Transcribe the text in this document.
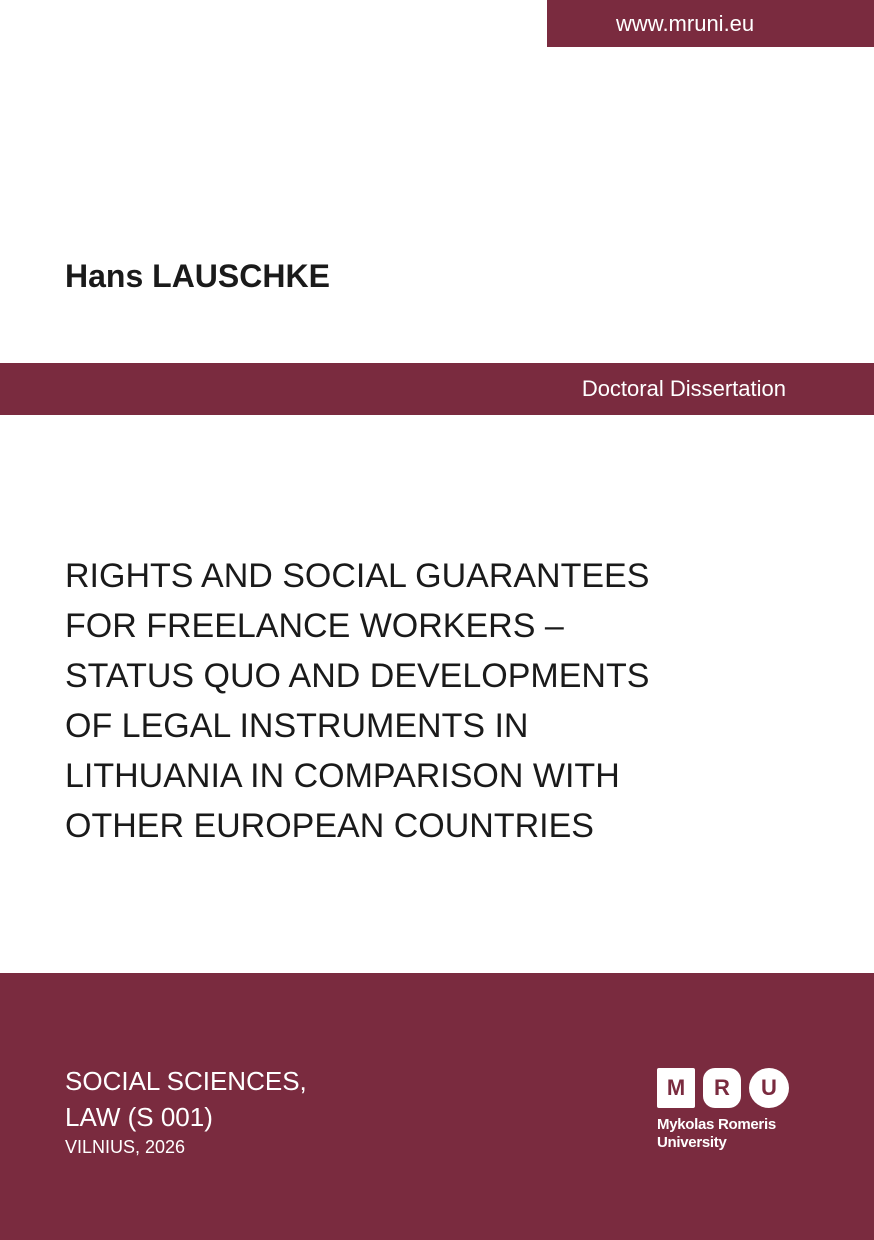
www.mruni.eu
Hans LAUSCHKE
Doctoral Dissertation
RIGHTS AND SOCIAL GUARANTEES
FOR FREELANCE WORKERS –
STATUS QUO AND DEVELOPMENTS
OF LEGAL INSTRUMENTS IN
LITHUANIA IN COMPARISON WITH
OTHER EUROPEAN COUNTRIES
SOCIAL SCIENCES,
LAW (S 001)
VILNIUS, 2026
M	R	U
Mykolas Romeris
University
